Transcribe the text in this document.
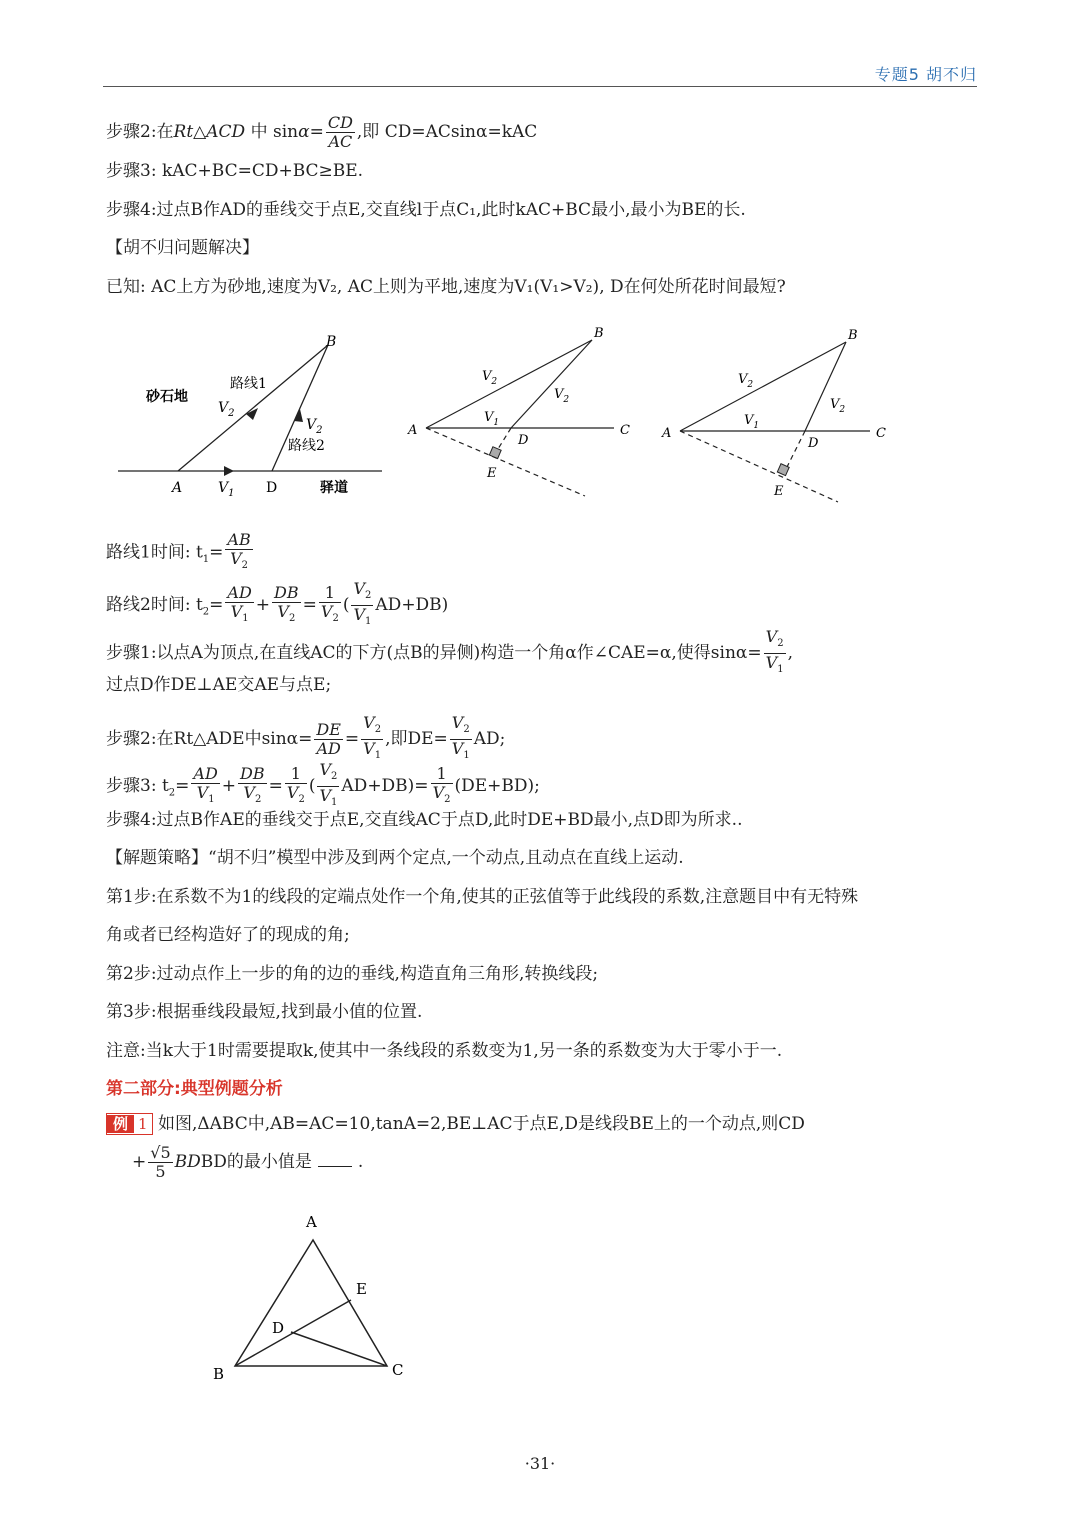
专题5 胡不归
步骤2:在Rt△ACD 中 $\sin\alpha= \frac{CD}{AC}$ ,即 CD=ACsinα=kAC
步骤3: kAC+BC=CD+BC≥BE.
步骤4:过点B作AD的垂线交于点E,交直线l于点C₁,此时kAC+BC最小,最小为BE的长.
【胡不归问题解决】
已知: AC上方为砂地,速度为V₂, AC上则为平地,速度为V₁(V₁>V₂), D在何处所花时间最短?
B
砂石地
路线1
$V_2$
$V_2$
路线2
A	$V_1$ D	驿道
B
A	C
D
E
$V_2$
$V_2$
$V_1$
B
A	C
D
E
$V_2$
$V_2$
$V_1$
路线1时间: $t_1= \frac{AB}{V_2}$
路线2时间: $t_2= \frac{AD}{V_1} + \frac{DB}{V_2} = \frac{1}{V_2}$ ( $\frac{V_2}{V_1} AD+DB$)
步骤1:以点A为顶点,在直线AC的下方(点B的异侧)构造一个角α作∠CAE=α,使得$\sin\alpha= \frac{V_2}{V_1}$ ,
过点D作DE⊥AE交AE与点E;
步骤2:在Rt△ADE中$\sin\alpha= \frac{DE}{AD} = \frac{V_2}{V_1}$ ,即$DE= \frac{V_2}{V_1}$ AD;
步骤3: $t_2= \frac{AD}{V_1} + \frac{DB}{V_2} = \frac{1}{V_2}$ ( $\frac{V_2}{V_1} AD+DB)= \frac{1}{V_2} (DE+BD)$;
步骤4:过点B作AE的垂线交于点E,交直线AC于点D,此时DE+BD最小,点D即为所求..
【解题策略】“胡不归”模型中涉及到两个定点,一个动点,且动点在直线上运动.
第1步:在系数不为1的线段的定端点处作一个角,使其的正弦值等于此线段的系数,注意题目中有无特殊
角或者已经构造好了的现成的角;
第2步:过动点作上一步的角的边的垂线,构造直角三角形,转换线段;
第3步:根据垂线段最短,找到最小值的位置.
注意:当k大于1时需要提取k,使其中一条线段的系数变为1,另一条的系数变为大于零小于一.
第二部分:典型例题分析
例 1 如图,ΔABC中,AB=AC=10,tanA=2,BE⊥AC于点E,D是线段BE上的一个动点,则CD
+ $\frac{√5}{5}$ BDBD的最小值是	.
A
E
D
B	C
·31·
